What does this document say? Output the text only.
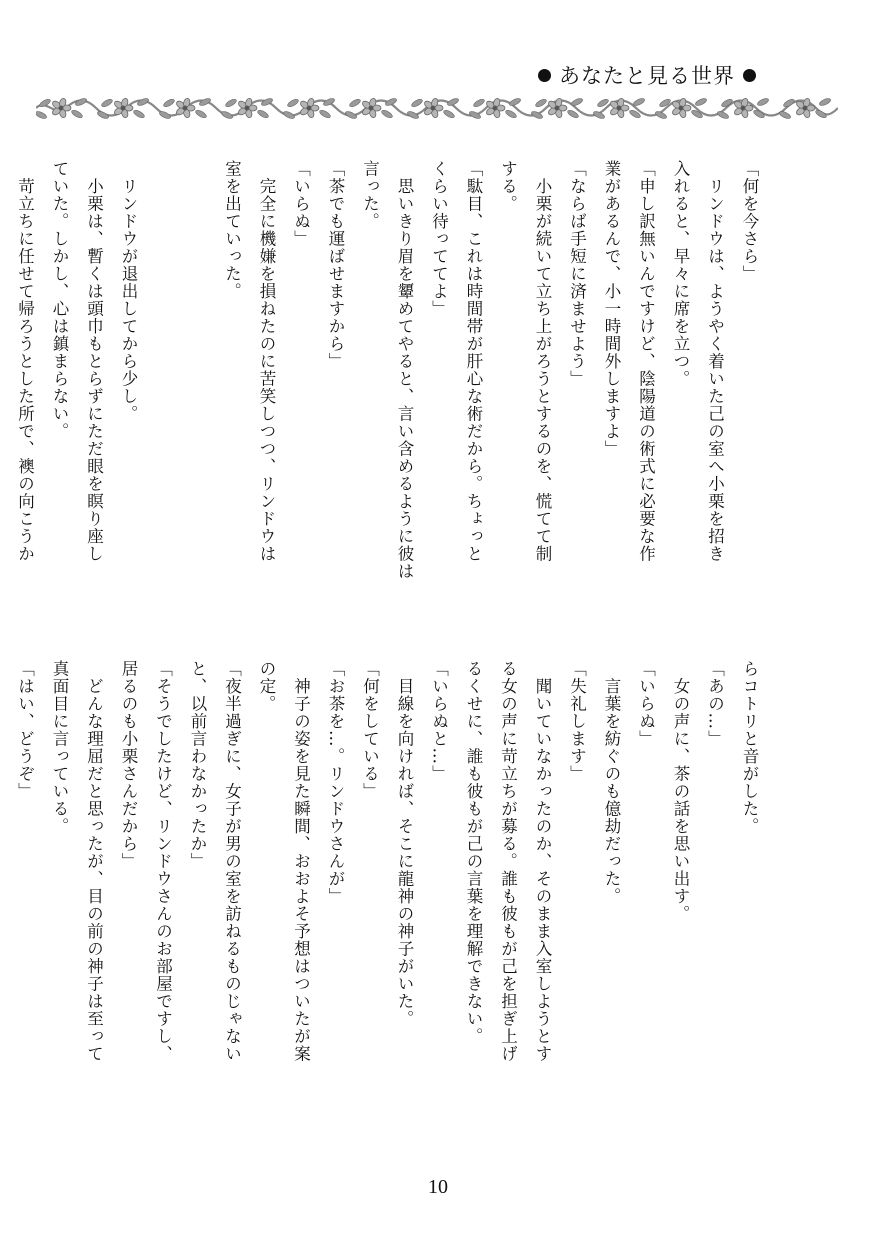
あなたと見る世界
「何を今さら」
　リンドウは、ようやく着いた己の室へ小栗を招き
入れると、早々に席を立つ。
「申し訳無いんですけど、陰陽道の術式に必要な作
業があるんで、小一時間外しますよ」
「ならば手短に済ませよう」
　小栗が続いて立ち上がろうとするのを、慌てて制
する。
「駄目、これは時間帯が肝心な術だから。ちょっと
くらい待っててよ」
　思いきり眉を顰めてやると、言い含めるように彼は
言った。
「茶でも運ばせますから」
「いらぬ」
　完全に機嫌を損ねたのに苦笑しつつ、リンドウは
室を出ていった。

　リンドウが退出してから少し。
　小栗は、暫くは頭巾もとらずにただ眼を瞑り座し
ていた。しかし、心は鎮まらない。
　苛立ちに任せて帰ろうとした所で、襖の向こうか
らコトリと音がした。
「あの…」
　女の声に、茶の話を思い出す。
「いらぬ」
　言葉を紡ぐのも億劫だった。
「失礼します」
　聞いていなかったのか、そのまま入室しようとす
る女の声に苛立ちが募る。誰も彼もが己を担ぎ上げ
るくせに、誰も彼もが己の言葉を理解できない。
「いらぬと…」
　目線を向ければ、そこに龍神の神子がいた。
「何をしている」
「お茶を…。リンドウさんが」
　神子の姿を見た瞬間、おおよそ予想はついたが案
の定。
「夜半過ぎに、女子が男の室を訪ねるものじゃない
と、以前言わなかったか」
「そうでしたけど、リンドウさんのお部屋ですし、
居るのも小栗さんだから」
　どんな理屈だと思ったが、目の前の神子は至って
真面目に言っている。
「はい、どうぞ」
10
